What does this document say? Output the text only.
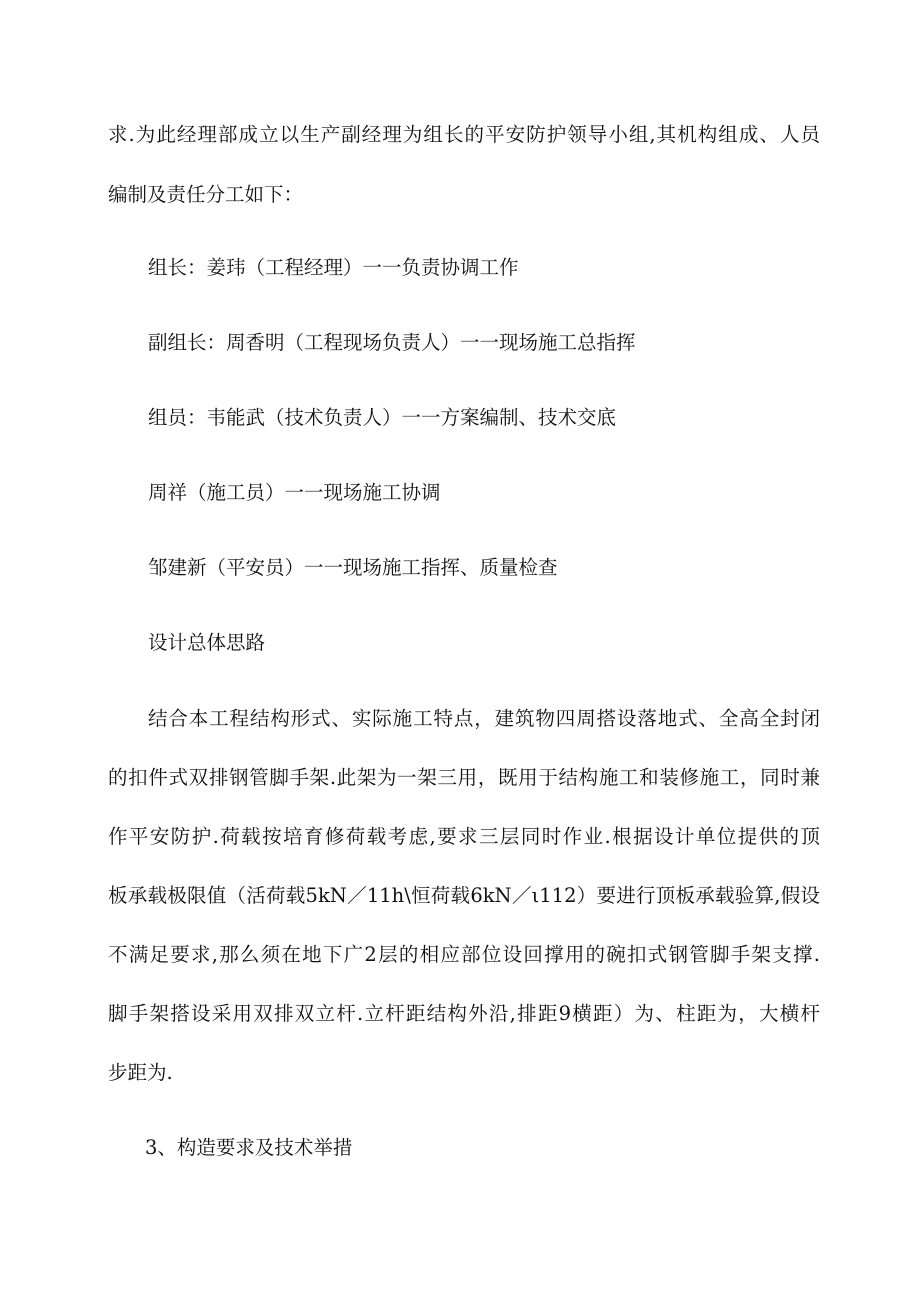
求.为此经理部成立以生产副经理为组长的平安防护领导小组,其机构组成、人员
编制及责任分工如下：
组长：姜玮（工程经理）一一负责协调工作
副组长：周香明（工程现场负责人）一一现场施工总指挥
组员：韦能武（技术负责人）一一方案编制、技术交底
周祥（施工员）一一现场施工协调
邹建新（平安员）一一现场施工指挥、质量检查
设计总体思路
结合本工程结构形式、实际施工特点，建筑物四周搭设落地式、全高全封闭
的扣件式双排钢管脚手架.此架为一架三用，既用于结构施工和装修施工，同时兼
作平安防护.荷载按培育修荷载考虑,要求三层同时作业.根据设计单位提供的顶
板承载极限值（活荷载5kN／11h\恒荷载6kN／ι112）要进行顶板承载验算,假设
不满足要求,那么须在地下广2层的相应部位设回撑用的碗扣式钢管脚手架支撑.
脚手架搭设采用双排双立杆.立杆距结构外沿,排距9横距）为、柱距为，大横杆
步距为.
3、构造要求及技术举措
